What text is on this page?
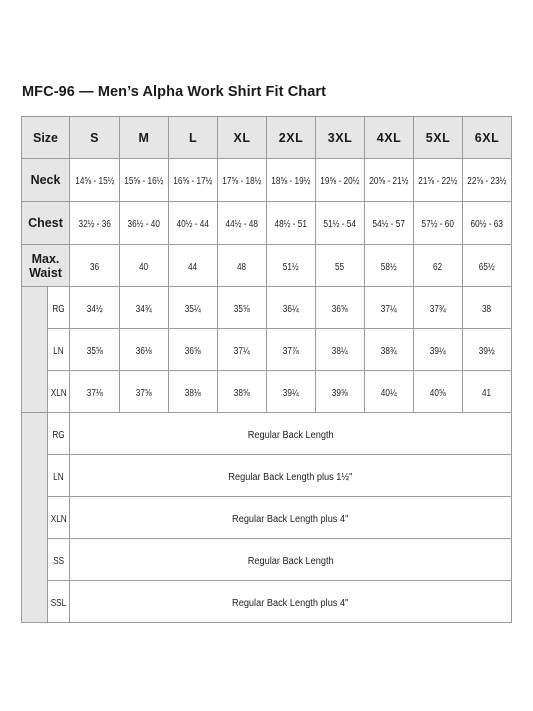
MFC-96 — Men’s Alpha Work Shirt Fit Chart
Size		S	M	L	XL	2XL	3XL	4XL	5XL	6XL
Neck		14⅝ - 15½	15⅝ - 16½	16⅝ - 17½	17⅝ - 18½	18⅝ - 19½	19⅝ - 20½	20⅝ - 21½	21⅝ - 22½	22⅝ - 23½
Chest		32½ - 36	36½ - 40	40½ - 44	44½ - 48	48½ - 51	51½ - 54	54½ - 57	57½ - 60	60½ - 63

Max.
Waist		36	40	44	48	51½	55	58½	62	65½
	RG	34½	34¾	35¼	35⅝	36¼	36⅝	37¼	37¾	38
	LN	35⅝	36⅛	36⅝	37¼	37⅞	38¼	38¾	39¼	39½
	XLN	37⅛	37⅝	38⅛	38⅝	39¼	39⅝	40¼	40⅝	41
	RG	Regular Back Length								
	LN	Regular Back Length plus 1½"								
	XLN	Regular Back Length plus 4"								
	SS	Regular Back Length								
	SSL	Regular Back Length plus 4"								
